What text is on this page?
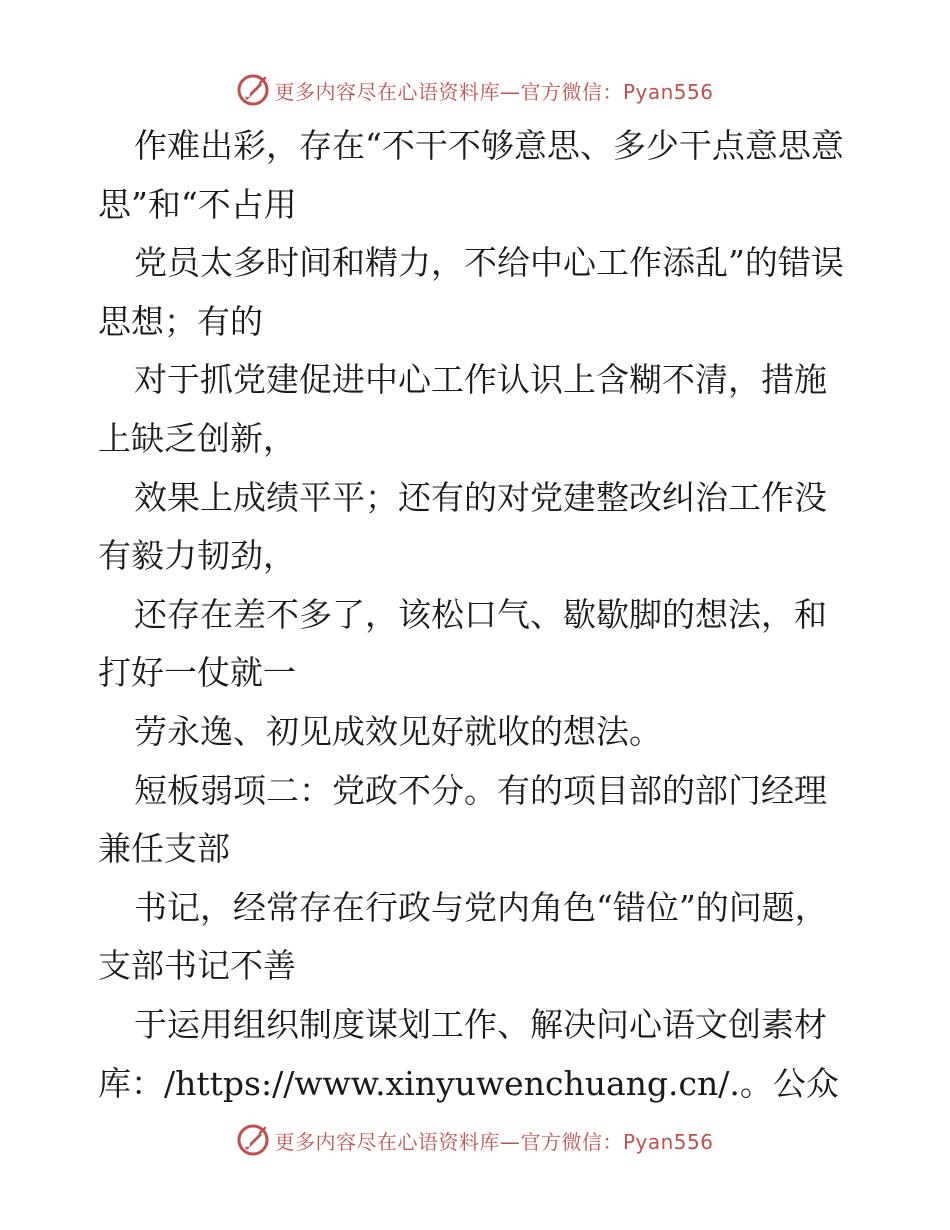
更多内容尽在心语资料库—官方微信：Pyan556

作难出彩，存在“不干不够意思、多少干点意思意思”和“不占用

党员太多时间和精力，不给中心工作添乱”的错误思想；有的

对于抓党建促进中心工作认识上含糊不清，措施上缺乏创新，

效果上成绩平平；还有的对党建整改纠治工作没有毅力韧劲，

还存在差不多了，该松口气、歇歇脚的想法，和打好一仗就一

劳永逸、初见成效见好就收的想法。

短板弱项二：党政不分。有的项目部的部门经理兼任支部

书记，经常存在行政与党内角色“错位”的问题，支部书记不善

于运用组织制度谋划工作、解决问心语文创素材库：/https://www.xinyuwenchuang.cn/.。公众

更多内容尽在心语资料库—官方微信：Pyan556
